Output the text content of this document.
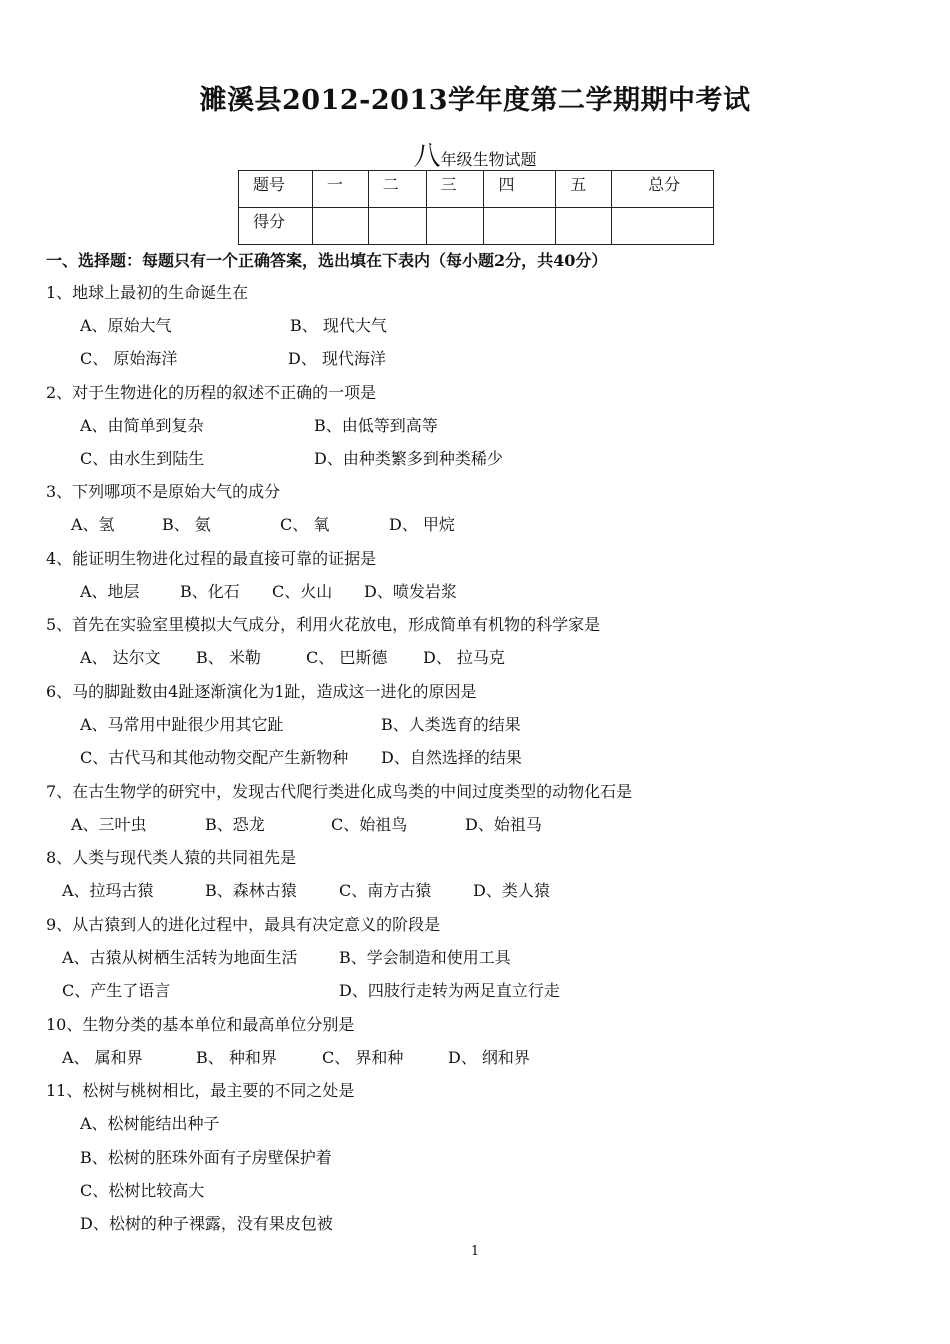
濉溪县2012-2013学年度第二学期期中考试
八年级生物试题
题号	一	二	三	四	五	总分
得分						
一、选择题：每题只有一个正确答案，选出填在下表内（每小题2分，共40分）
1、地球上最初的生命诞生在
A、原始大气	B、 现代大气
C、 原始海洋	D、 现代海洋
2、对于生物进化的历程的叙述不正确的一项是
A、由简单到复杂	B、由低等到高等
C、由水生到陆生	D、由种类繁多到种类稀少
3、下列哪项不是原始大气的成分
A、氢	B、 氨	C、 氧	D、 甲烷
4、能证明生物进化过程的最直接可靠的证据是
A、地层	B、化石 C、火山 D、喷发岩浆
5、首先在实验室里模拟大气成分，利用火花放电，形成简单有机物的科学家是
A、 达尔文 B、 米勒	C、 巴斯德 D、 拉马克
6、马的脚趾数由4趾逐渐演化为1趾，造成这一进化的原因是
A、马常用中趾很少用其它趾	B、人类选育的结果
C、古代马和其他动物交配产生新物种 D、自然选择的结果
7、在古生物学的研究中，发现古代爬行类进化成鸟类的中间过度类型的动物化石是
A、三叶虫	B、恐龙	C、始祖鸟	D、始祖马
8、人类与现代类人猿的共同祖先是
A、拉玛古猿	B、森林古猿	C、南方古猿	D、类人猿
9、从古猿到人的进化过程中，最具有决定意义的阶段是
A、古猿从树栖生活转为地面生活	B、学会制造和使用工具
C、产生了语言	D、四肢行走转为两足直立行走
10、生物分类的基本单位和最高单位分别是
A、 属和界	B、 种和界	C、 界和种	D、 纲和界
11、松树与桃树相比，最主要的不同之处是
A、松树能结出种子
B、松树的胚珠外面有子房壁保护着
C、松树比较高大
D、松树的种子裸露，没有果皮包被
1
